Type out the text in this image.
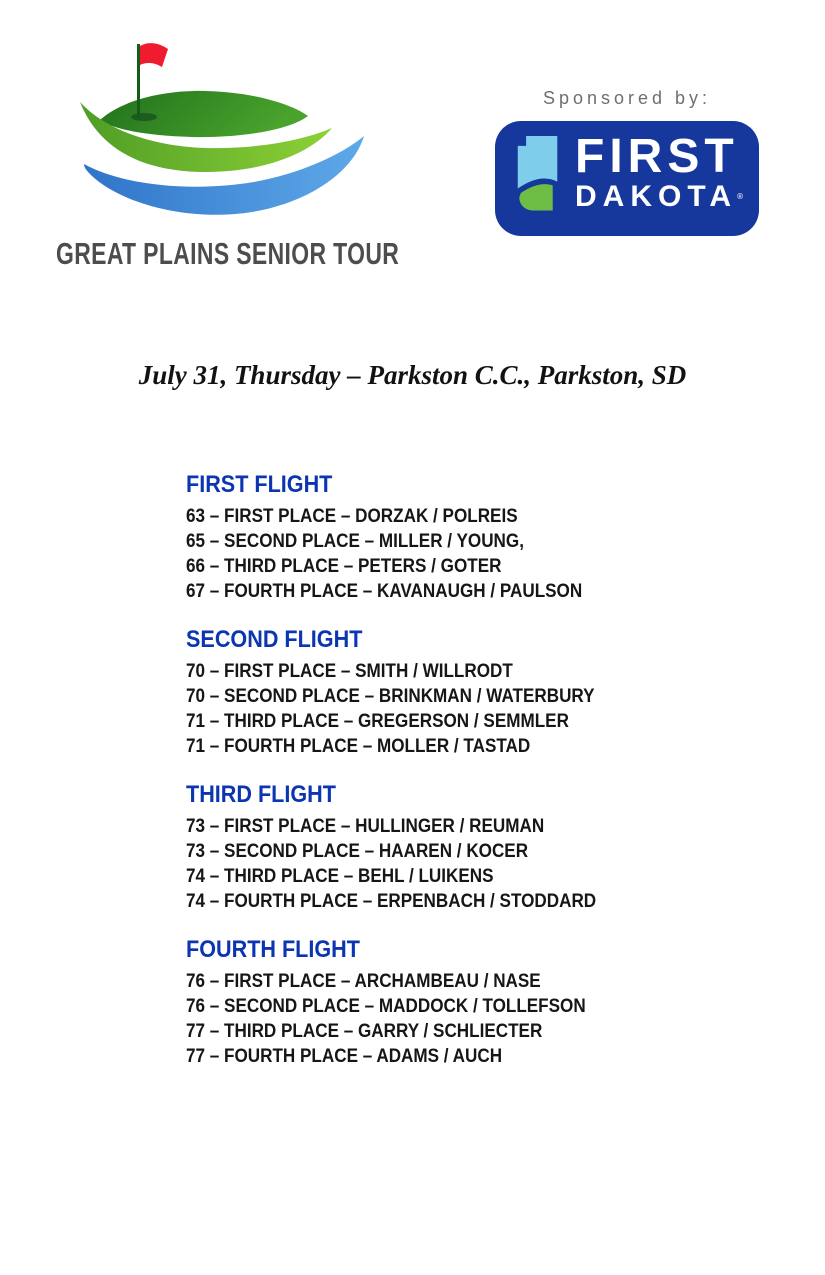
GREAT PLAINS SENIOR TOUR
Sponsored by:
FIRST
DAKOTA®
July 31, Thursday – Parkston C.C., Parkston, SD
FIRST FLIGHT

63 – FIRST PLACE – DORZAK / POLREIS

65 – SECOND PLACE – MILLER / YOUNG,

66 – THIRD PLACE – PETERS / GOTER

67 – FOURTH PLACE – KAVANAUGH / PAULSON

SECOND FLIGHT

70 – FIRST PLACE – SMITH / WILLRODT

70 – SECOND PLACE – BRINKMAN / WATERBURY

71 – THIRD PLACE – GREGERSON / SEMMLER

71 – FOURTH PLACE – MOLLER / TASTAD

THIRD FLIGHT

73 – FIRST PLACE – HULLINGER / REUMAN

73 – SECOND PLACE – HAAREN / KOCER

74 – THIRD PLACE – BEHL / LUIKENS

74 – FOURTH PLACE – ERPENBACH / STODDARD

FOURTH FLIGHT

76 – FIRST PLACE – ARCHAMBEAU / NASE

76 – SECOND PLACE – MADDOCK / TOLLEFSON

77 – THIRD PLACE – GARRY / SCHLIECTER

77 – FOURTH PLACE – ADAMS / AUCH
